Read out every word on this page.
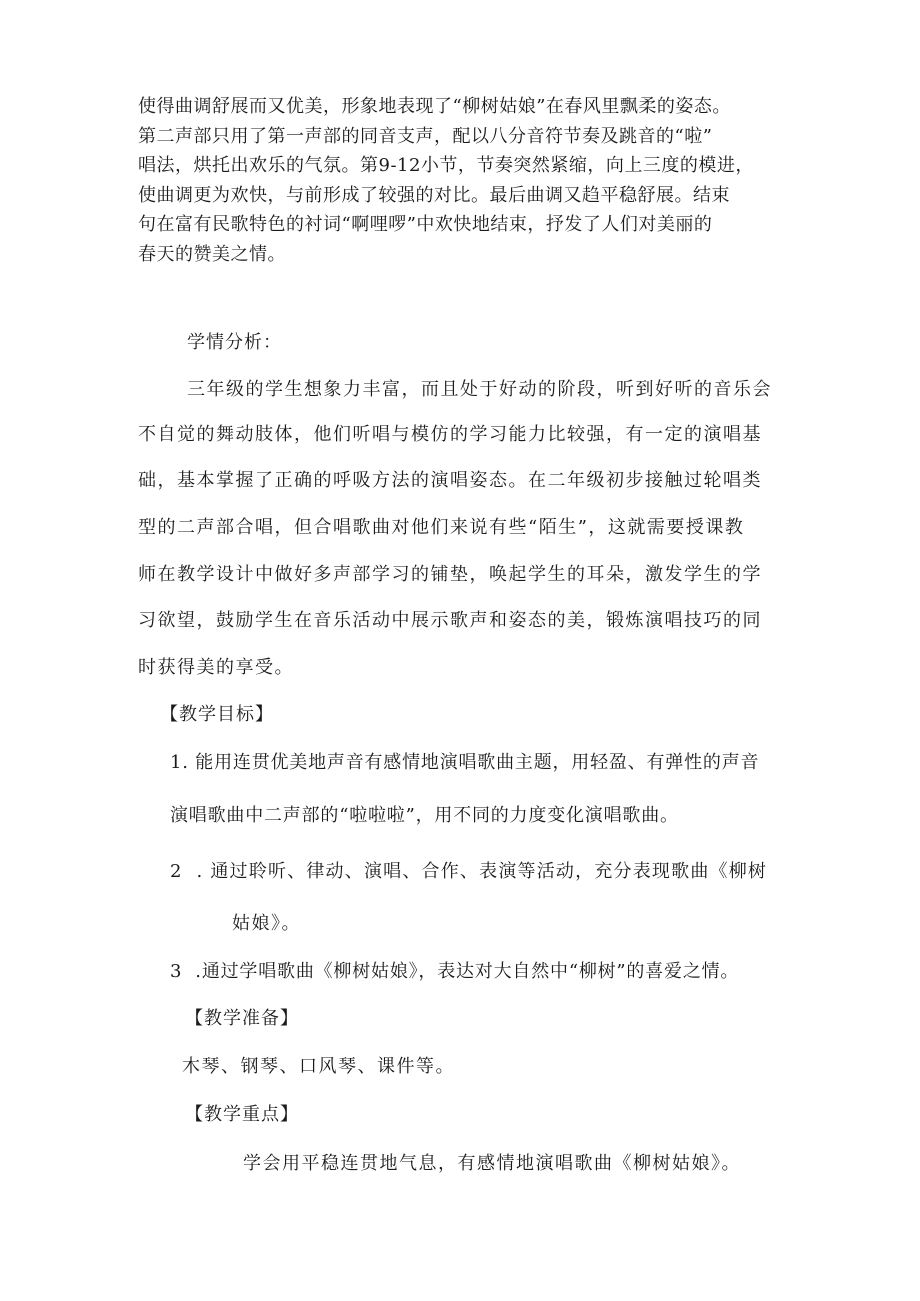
使得曲调舒展而又优美，形象地表现了“柳树姑娘”在春风里飘柔的姿态。

第二声部只用了第一声部的同音支声，配以八分音符节奏及跳音的“啦”

唱法，烘托出欢乐的气氛。第9-12小节，节奏突然紧缩，向上三度的模进，

使曲调更为欢快，与前形成了较强的对比。最后曲调又趋平稳舒展。结束

句在富有民歌特色的衬词“啊哩啰”中欢快地结束，抒发了人们对美丽的

春天的赞美之情。

学情分析：
三年级的学生想象力丰富，而且处于好动的阶段，听到好听的音乐会
不自觉的舞动肢体，他们听唱与模仿的学习能力比较强，有一定的演唱基
础，基本掌握了正确的呼吸方法的演唱姿态。在二年级初步接触过轮唱类
型的二声部合唱，但合唱歌曲对他们来说有些“陌生”，这就需要授课教
师在教学设计中做好多声部学习的铺垫，唤起学生的耳朵，激发学生的学
习欲望，鼓励学生在音乐活动中展示歌声和姿态的美，锻炼演唱技巧的同
时获得美的享受。
【教学目标】
1. 能用连贯优美地声音有感情地演唱歌曲主题，用轻盈、有弹性的声音
演唱歌曲中二声部的“啦啦啦”，用不同的力度变化演唱歌曲。
2  . 通过聆听、律动、演唱、合作、表演等活动，充分表现歌曲《柳树
姑娘》。
3  .通过学唱歌曲《柳树姑娘》，表达对大自然中“柳树”的喜爱之情。
【教学准备】
木琴、钢琴、口风琴、课件等。
【教学重点】
学会用平稳连贯地气息，有感情地演唱歌曲《柳树姑娘》。
